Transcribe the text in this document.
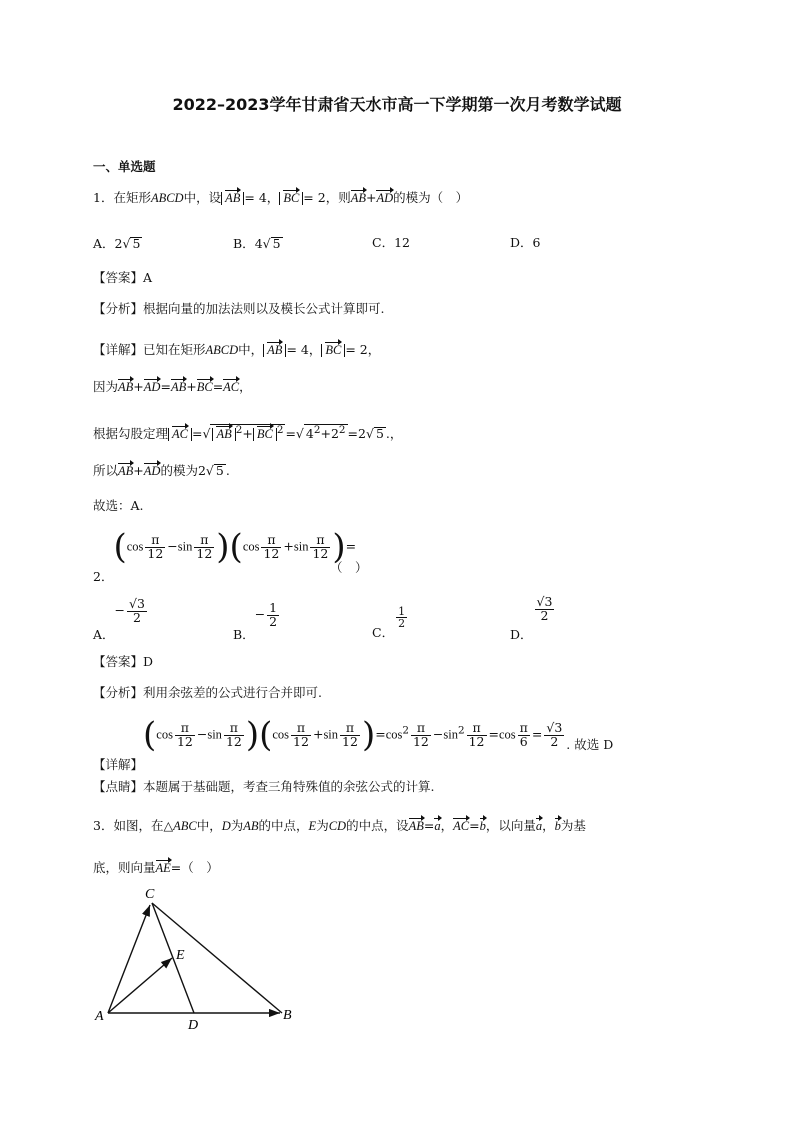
2022–2023学年甘肃省天水市高一下学期第一次月考数学试题
一、单选题
1．在矩形ABCD中，设 AB = 4， BC = 2，则AB+AD的模为（　）
A．2√ 5	B．4√ 5	C．12	D．6
【答案】A
【分析】根据向量的加法法则以及模长公式计算即可.
【详解】已知在矩形ABCD中， AB = 4， BC = 2，
因为AB+AD=AB+BC=AC，
根据勾股定理 AC =√ AB $^2$+ BC $^2$ =√ $4^2+2^2 =2√$ 5 .，
所以AB+AD的模为2√ 5 .
故选：A.
2．$(\cos \frac{\pi}{12} -\sin \frac{\pi}{12} )(\cos \frac{\pi}{12} +\sin \frac{\pi}{12}$ )=
（　）
A．− $\frac{√3}{2}$
B．− $\frac{1}{2}$
C．
$\frac{1}{2}$
D．
$\frac{√3}{2}$
【答案】D
【分析】利用余弦差的公式进行合并即可.
【详解】$(\cos \frac{\pi}{12} -\sin \frac{\pi}{12} )(\cos \frac{\pi}{12} +\sin \frac{\pi}{12} )=\cos^2 \frac{\pi}{12} -\sin^2 \frac{\pi}{12} =\cos \frac{\pi}{6} = \frac{√3}{2}$ . 故选 D
【点睛】本题属于基础题，考查三角特殊值的余弦公式的计算.
3．如图，在△ABC中，D为AB的中点，E为CD的中点，设AB=a，AC=b，以向量a，b为基
底，则向量AE=（　）
C
E
A
D
B
